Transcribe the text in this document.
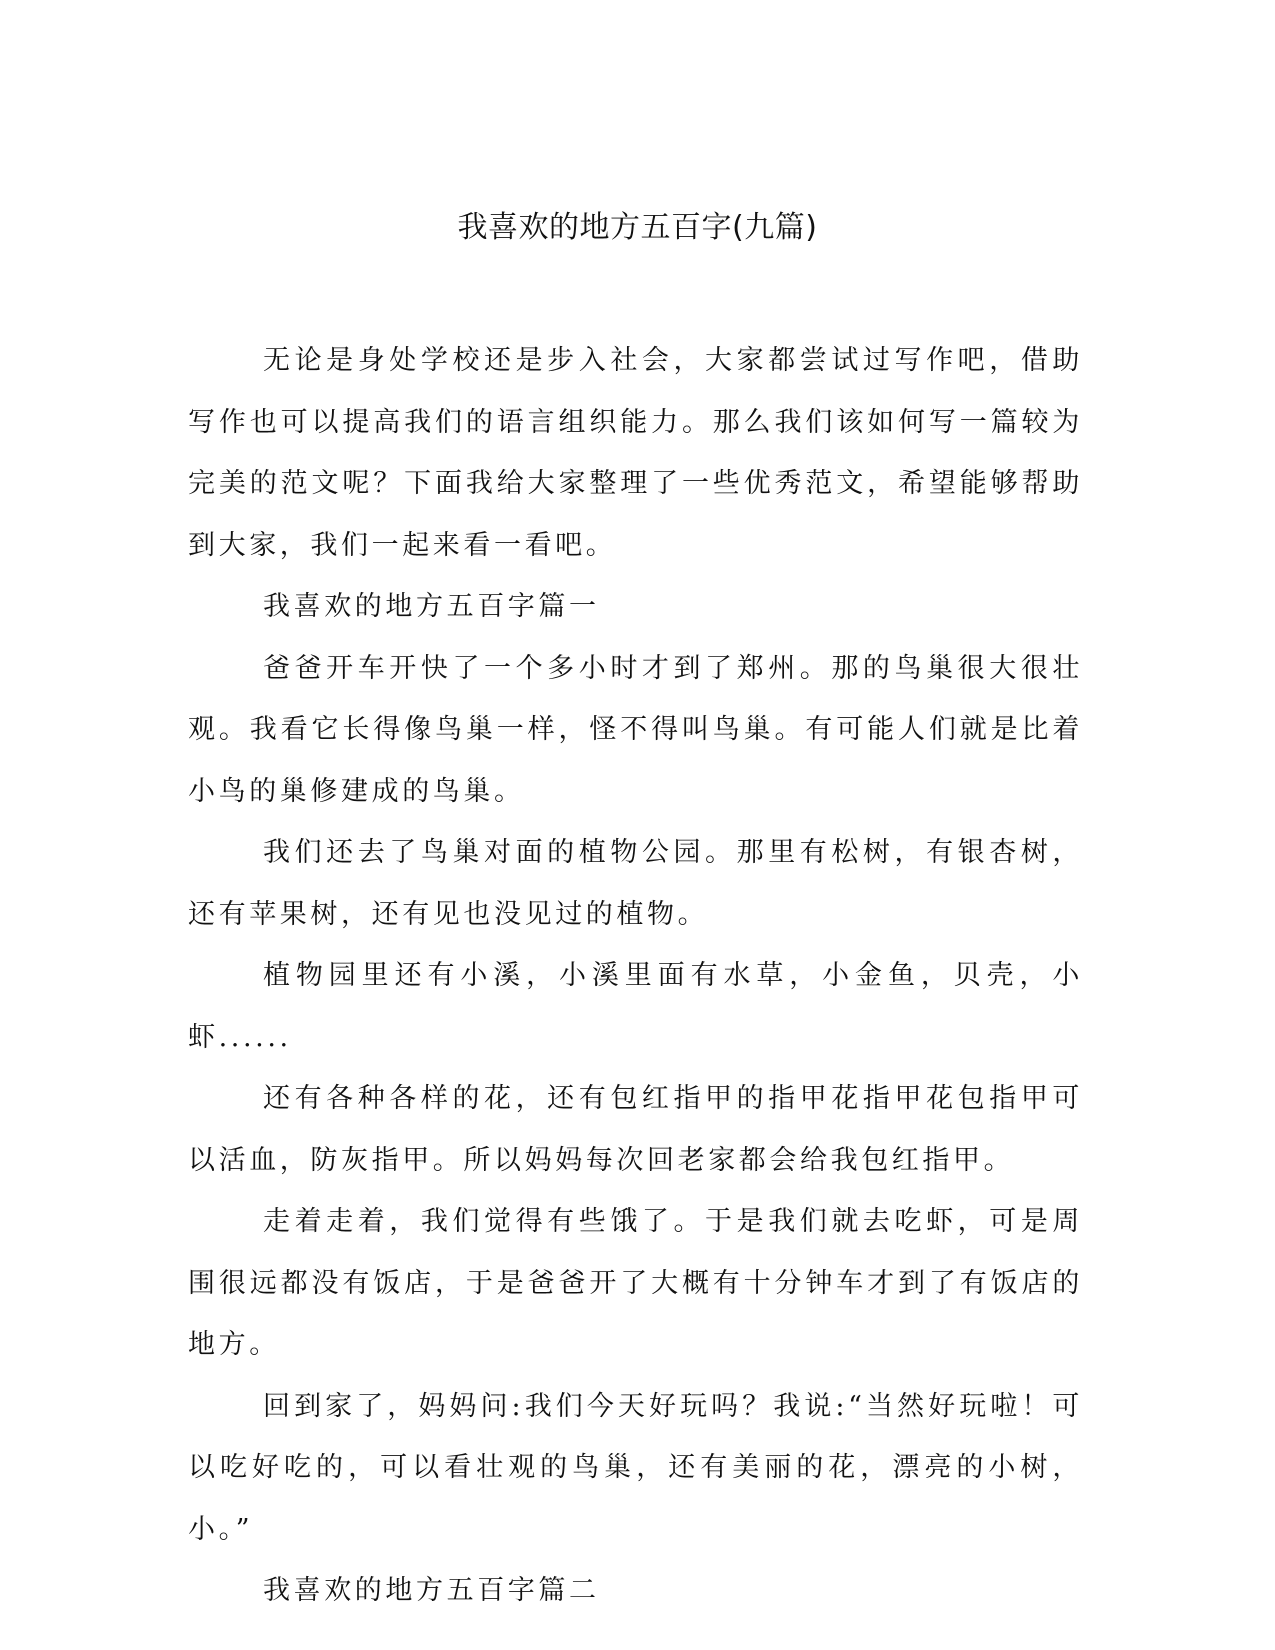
我喜欢的地方五百字(九篇)

无论是身处学校还是步入社会，大家都尝试过写作吧，借助写作也可以提高我们的语言组织能力。那么我们该如何写一篇较为完美的范文呢？下面我给大家整理了一些优秀范文，希望能够帮助到大家，我们一起来看一看吧。

我喜欢的地方五百字篇一

爸爸开车开快了一个多小时才到了郑州。那的鸟巢很大很壮观。我看它长得像鸟巢一样，怪不得叫鸟巢。有可能人们就是比着小鸟的巢修建成的鸟巢。

我们还去了鸟巢对面的植物公园。那里有松树，有银杏树，还有苹果树，还有见也没见过的植物。

植物园里还有小溪，小溪里面有水草，小金鱼，贝壳，小虾......

还有各种各样的花，还有包红指甲的指甲花指甲花包指甲可以活血，防灰指甲。所以妈妈每次回老家都会给我包红指甲。

走着走着，我们觉得有些饿了。于是我们就去吃虾，可是周围很远都没有饭店，于是爸爸开了大概有十分钟车才到了有饭店的地方。

回到家了，妈妈问:我们今天好玩吗？我说:“当然好玩啦！可以吃好吃的，可以看壮观的鸟巢，还有美丽的花，漂亮的小树，小。”

我喜欢的地方五百字篇二
